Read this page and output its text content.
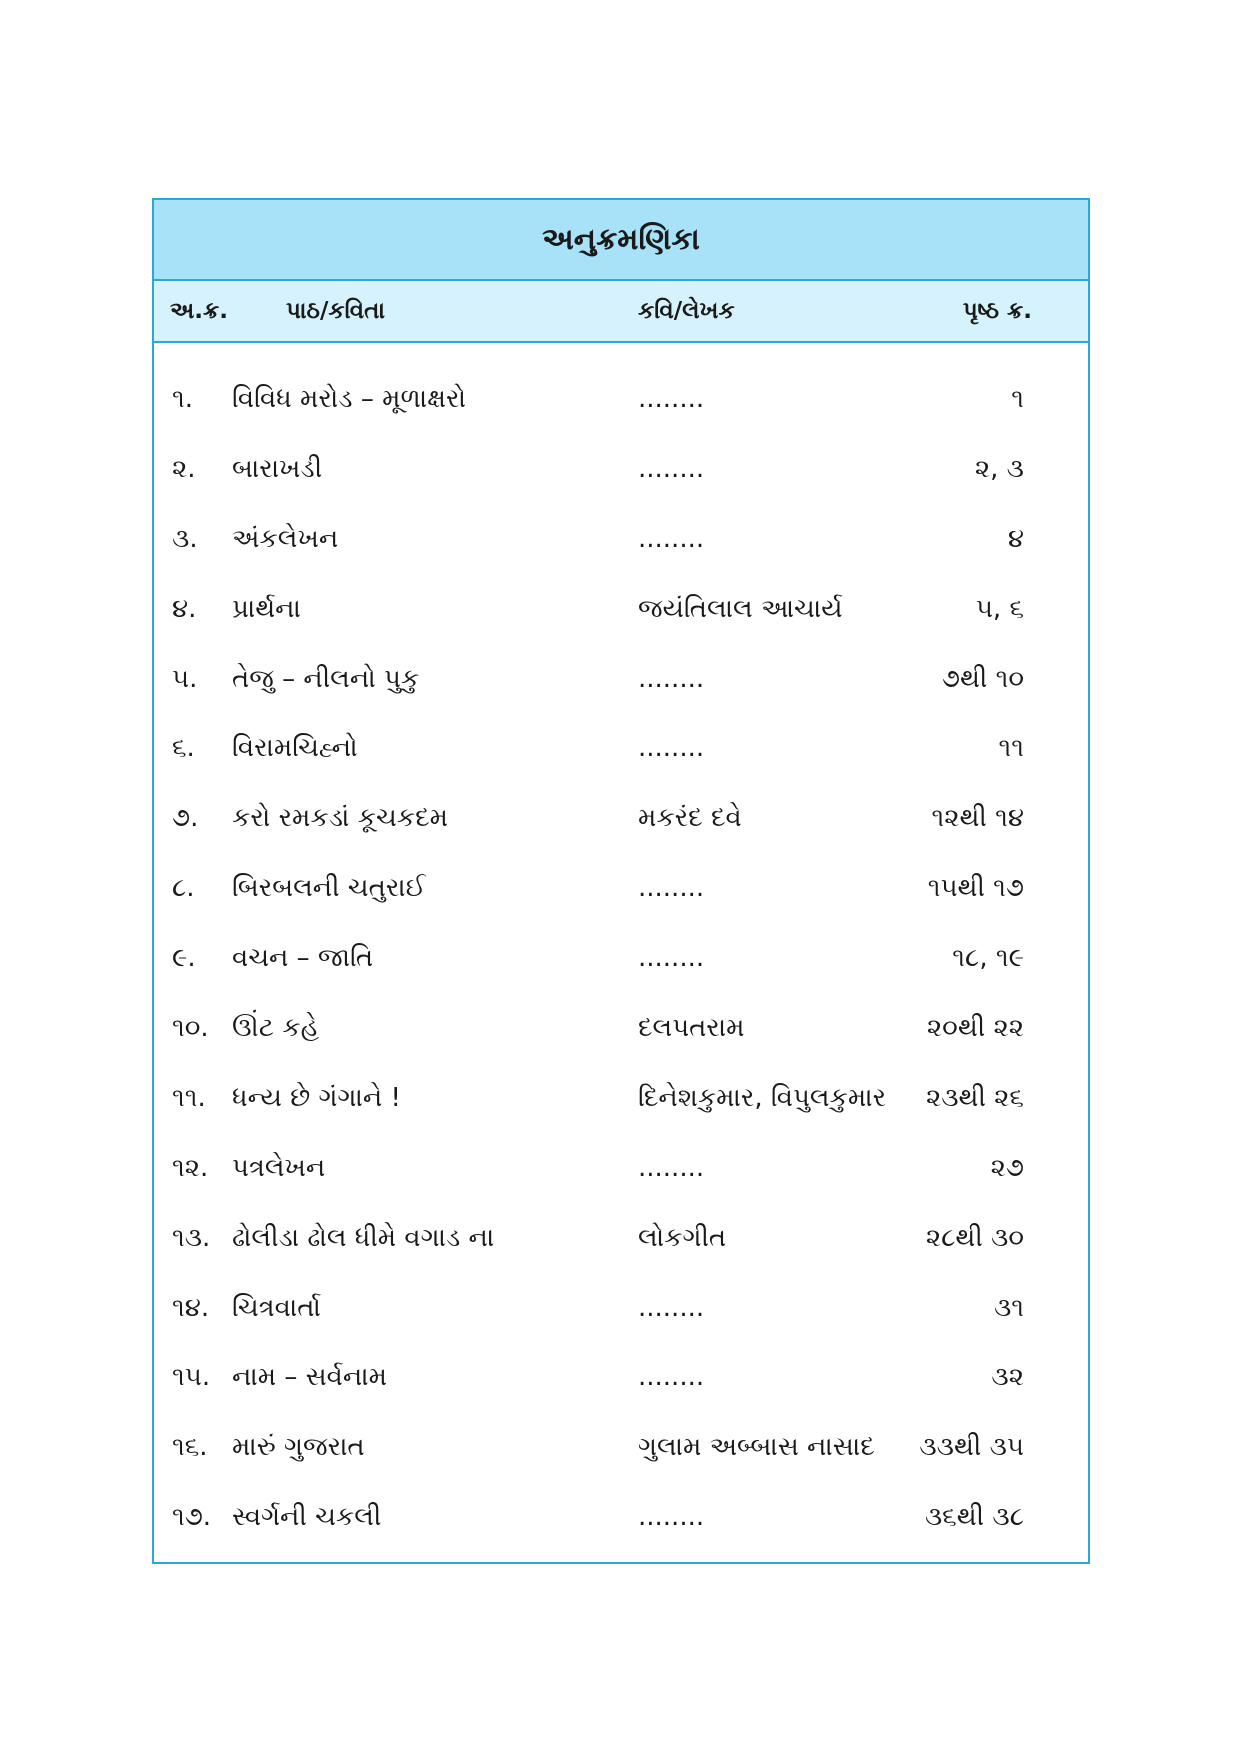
અનુક્રમણિકા
અ.ક્ર.	પાઠ/કવિતા	કવિ/લેખક	પૃષ્ઠ ક્ર.
૧. વિવિધ મરોડ – મૂળાક્ષરો	........	૧
૨. બારાખડી	........	૨, ૩
૩. અંકલેખન	........	૪
૪. પ્રાર્થના	જયંતિલાલ આચાર્ય	૫, ૬
૫. તેજુ – નીલનો પુકુ	........	૭થી ૧૦
૬. વિરામચિહ્નો	........	૧૧
૭. કરો રમકડાં કૂચકદમ	મકરંદ દવે	૧૨થી ૧૪
૮. બિરબલની ચતુરાઈ	........	૧૫થી ૧૭
૯. વચન – જાતિ	........	૧૮, ૧૯
૧૦. ઊંટ કહે	દલપતરામ	૨૦થી ૨૨
૧૧. ધન્ય છે ગંગાને !	દિનેશકુમાર, વિપુલકુમાર ૨૩થી ૨૬
૧૨. પત્રલેખન	........	૨૭
૧૩. ઢોલીડા ઢોલ ધીમે વગાડ ના	લોકગીત	૨૮થી ૩૦
૧૪. ચિત્રવાર્તા	........	૩૧
૧૫. નામ – સર્વનામ	........	૩૨
૧૬. મારું ગુજરાત	ગુલામ અબ્બાસ નાસાદ ૩૩થી ૩૫
૧૭. સ્વર્ગની ચકલી	........	૩૬થી ૩૮
